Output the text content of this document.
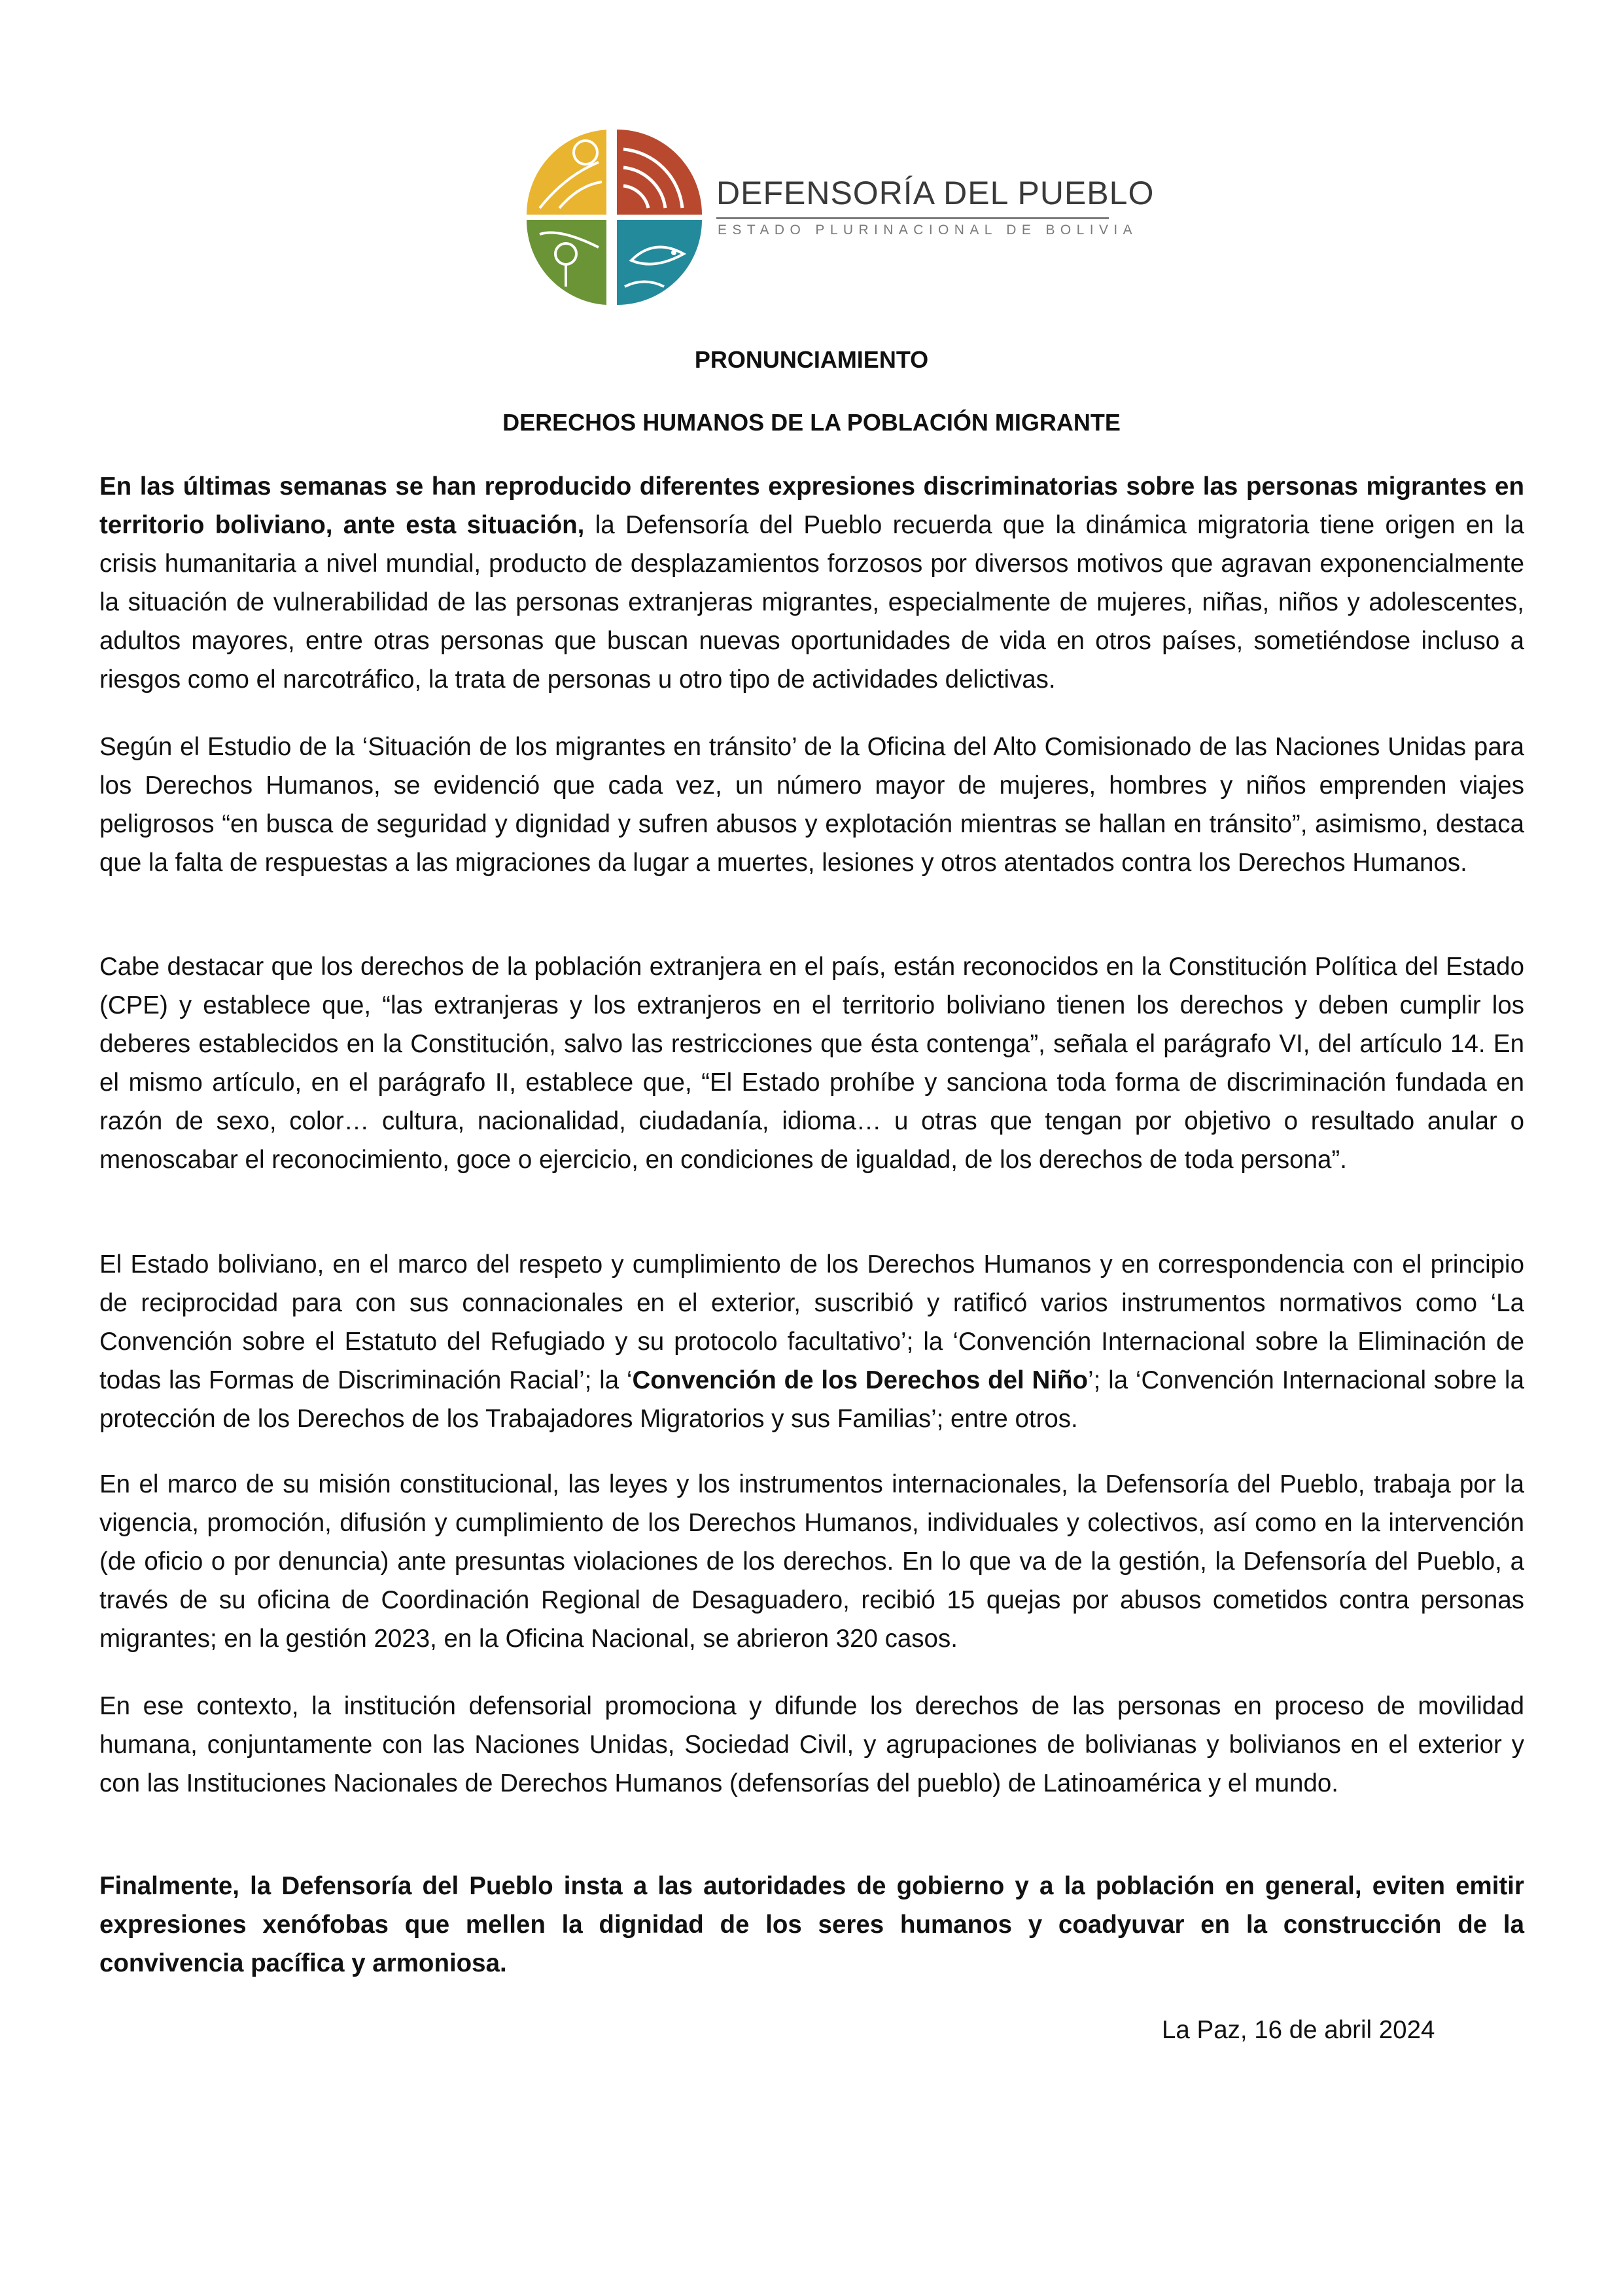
DEFENSORÍA DEL PUEBLO
ESTADO PLURINACIONAL DE BOLIVIA
PRONUNCIAMIENTO
DERECHOS HUMANOS DE LA POBLACIÓN MIGRANTE

En las últimas semanas se han reproducido diferentes expresiones discriminatorias sobre las personas migrantes en territorio boliviano, ante esta situación, la Defensoría del Pueblo recuerda que la dinámica migratoria tiene origen en la crisis humanitaria a nivel mundial, producto de desplazamientos forzosos por diversos motivos que agravan exponencialmente la situación de vulnerabilidad de las personas extranjeras migrantes, especialmente de mujeres, niñas, niños y adolescentes, adultos mayores, entre otras personas que buscan nuevas oportunidades de vida en otros países, sometiéndose incluso a riesgos como el narcotráfico, la trata de personas u otro tipo de actividades delictivas.

Según el Estudio de la ‘Situación de los migrantes en tránsito’ de la Oficina del Alto Comisionado de las Naciones Unidas para los Derechos Humanos, se evidenció que cada vez, un número mayor de mujeres, hombres y niños emprenden viajes peligrosos “en busca de seguridad y dignidad y sufren abusos y explotación mientras se hallan en tránsito”, asimismo, destaca que la falta de respuestas a las migraciones da lugar a muertes, lesiones y otros atentados contra los Derechos Humanos.

Cabe destacar que los derechos de la población extranjera en el país, están reconocidos en la Constitución Política del Estado (CPE) y establece que, “las extranjeras y los extranjeros en el territorio boliviano tienen los derechos y deben cumplir los deberes establecidos en la Constitución, salvo las restricciones que ésta contenga”, señala el parágrafo VI, del artículo 14. En el mismo artículo, en el parágrafo II, establece que, “El Estado prohíbe y sanciona toda forma de discriminación fundada en razón de sexo, color… cultura, nacionalidad, ciudadanía, idioma… u otras que tengan por objetivo o resultado anular o menoscabar el reconocimiento, goce o ejercicio, en condiciones de igualdad, de los derechos de toda persona”.

El Estado boliviano, en el marco del respeto y cumplimiento de los Derechos Humanos y en correspondencia con el principio de reciprocidad para con sus connacionales en el exterior, suscribió y ratificó varios instrumentos normativos como ‘La Convención sobre el Estatuto del Refugiado y su protocolo facultativo’; la ‘Convención Internacional sobre la Eliminación de todas las Formas de Discriminación Racial’; la ‘Convención de los Derechos del Niño’; la ‘Convención Internacional sobre la protección de los Derechos de los Trabajadores Migratorios y sus Familias’; entre otros.

En el marco de su misión constitucional, las leyes y los instrumentos internacionales, la Defensoría del Pueblo, trabaja por la vigencia, promoción, difusión y cumplimiento de los Derechos Humanos, individuales y colectivos, así como en la intervención (de oficio o por denuncia) ante presuntas violaciones de los derechos. En lo que va de la gestión, la Defensoría del Pueblo, a través de su oficina de Coordinación Regional de Desaguadero, recibió 15 quejas por abusos cometidos contra personas migrantes; en la gestión 2023, en la Oficina Nacional, se abrieron 320 casos.

En ese contexto, la institución defensorial promociona y difunde los derechos de las personas en proceso de movilidad humana, conjuntamente con las Naciones Unidas, Sociedad Civil, y agrupaciones de bolivianas y bolivianos en el exterior y con las Instituciones Nacionales de Derechos Humanos (defensorías del pueblo) de Latinoamérica y el mundo.

Finalmente, la Defensoría del Pueblo insta a las autoridades de gobierno y a la población en general, eviten emitir expresiones xenófobas que mellen la dignidad de los seres humanos y coadyuvar en la construcción de la convivencia pacífica y armoniosa.

La Paz, 16 de abril 2024
